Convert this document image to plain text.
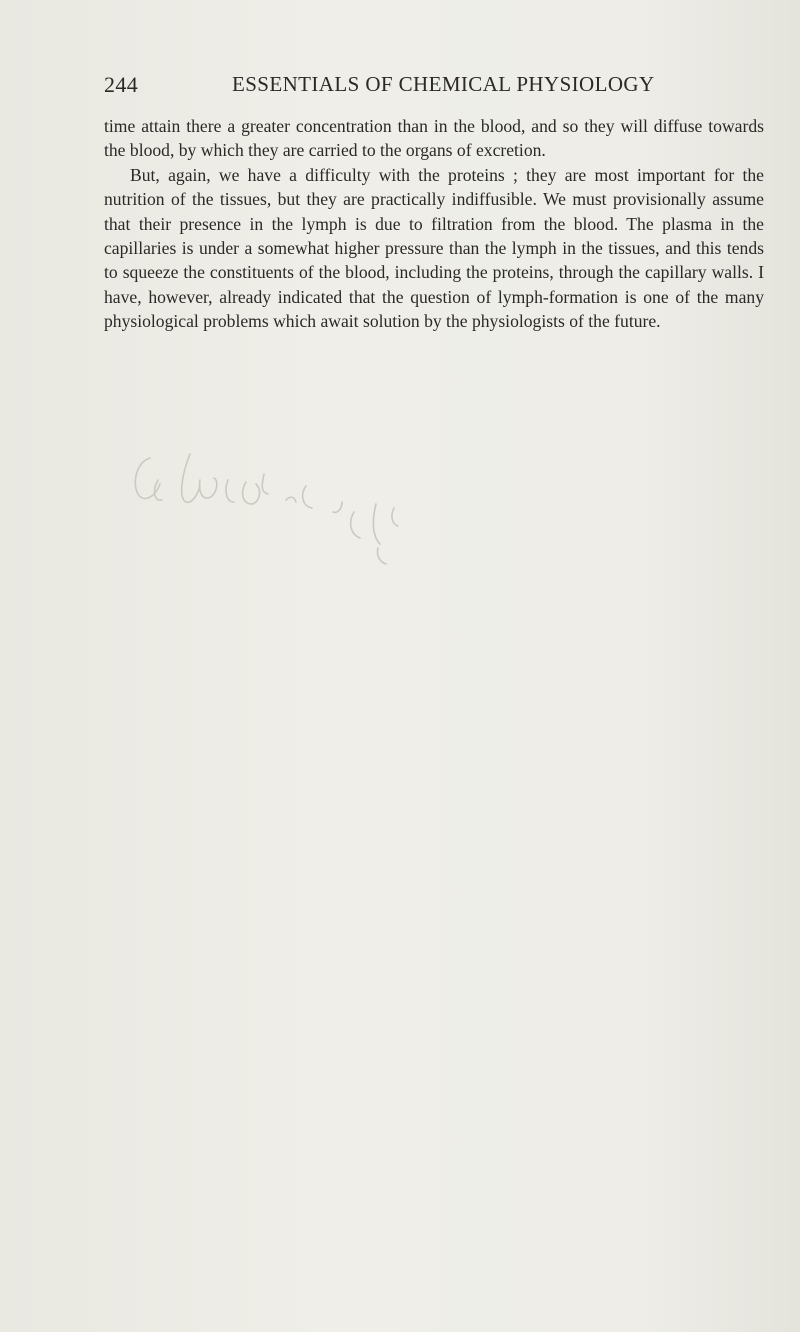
244	ESSENTIALS OF CHEMICAL PHYSIOLOGY

time attain there a greater concentration than in the blood, and so they will diffuse towards the blood, by which they are carried to the organs of excretion.

But, again, we have a difficulty with the proteins ; they are most important for the nutrition of the tissues, but they are practically indiffusible. We must provisionally assume that their presence in the lymph is due to filtration from the blood. The plasma in the capillaries is under a somewhat higher pressure than the lymph in the tissues, and this tends to squeeze the constituents of the blood, including the proteins, through the capillary walls. I have, however, already indicated that the question of lymph-formation is one of the many physiological problems which await solution by the physiologists of the future.
